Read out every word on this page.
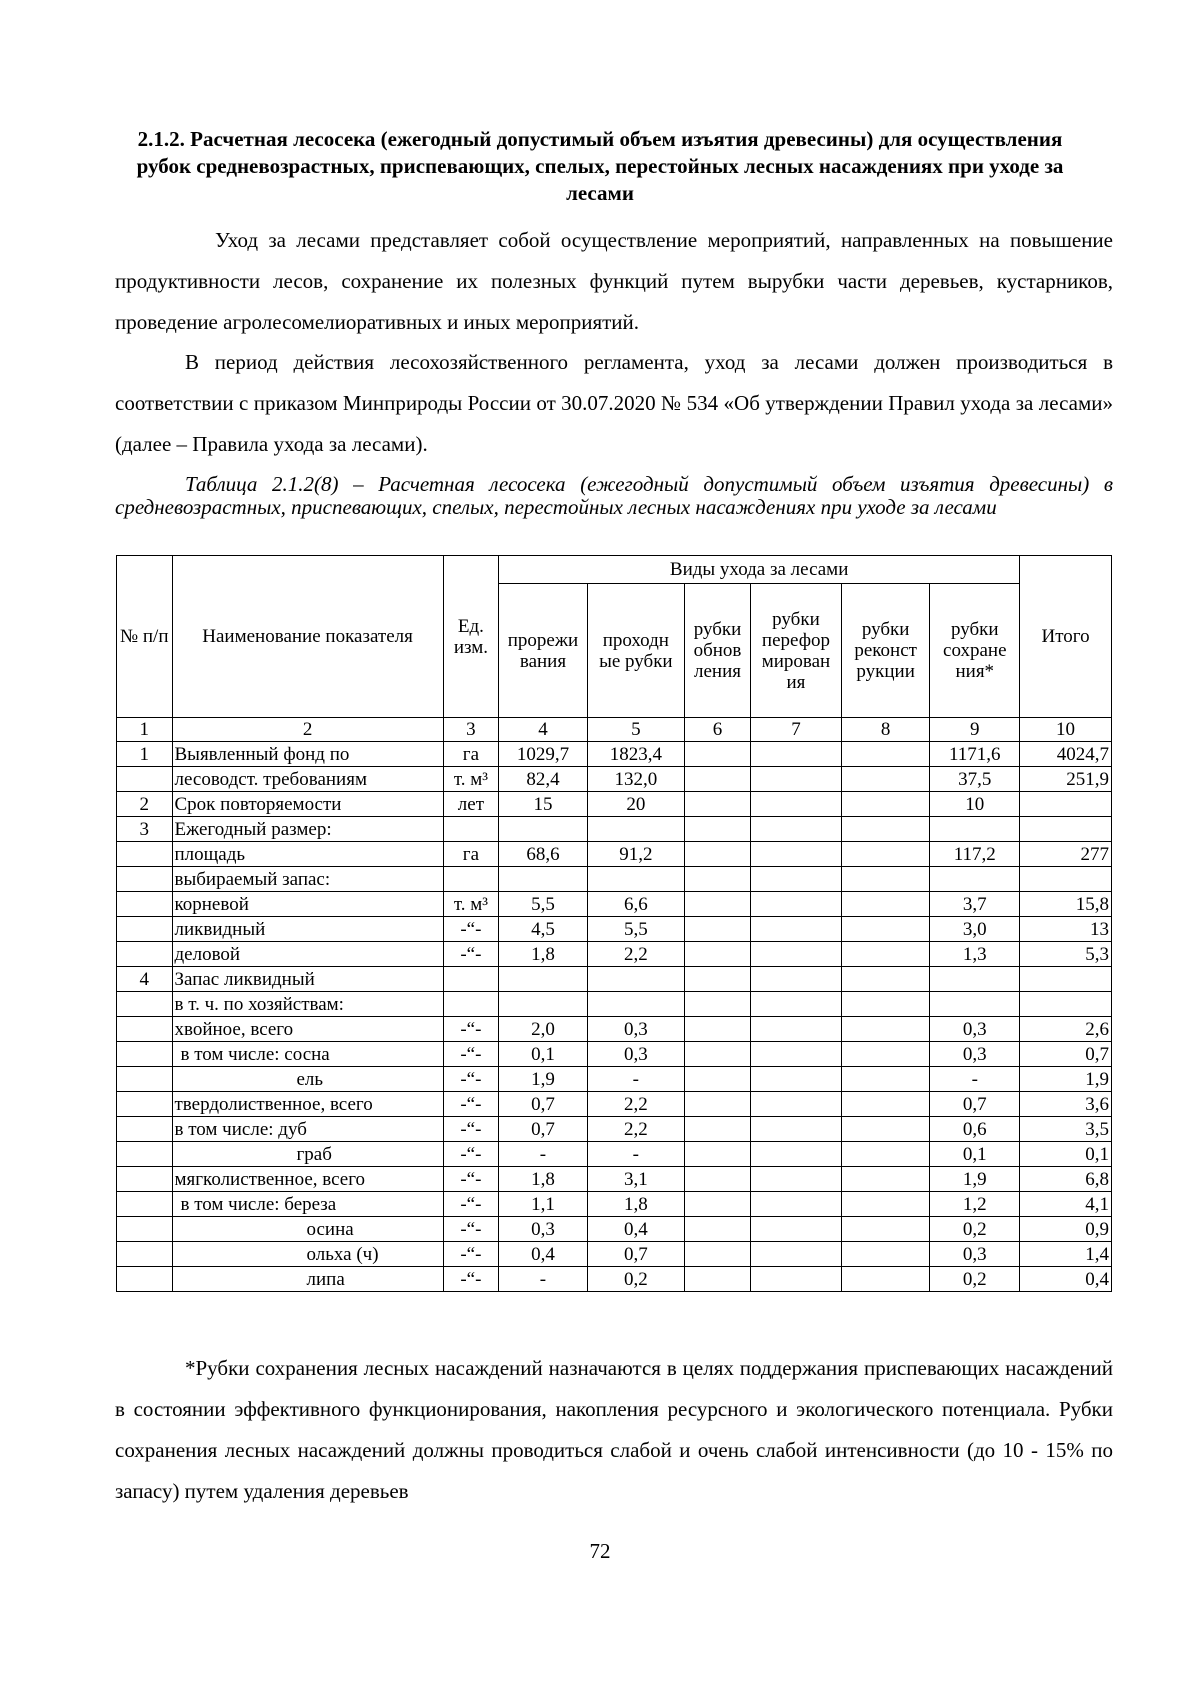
2.1.2. Расчетная лесосека (ежегодный допустимый объем изъятия древесины) для осуществления рубок средневозрастных, приспевающих, спелых, перестойных лесных насаждениях при уходе за лесами
Уход за лесами представляет собой осуществление мероприятий, направленных на повышение продуктивности лесов, сохранение их полезных функций путем вырубки части деревьев, кустарников, проведение агролесомелиоративных и иных мероприятий.
В период действия лесохозяйственного регламента, уход за лесами должен производиться в соответствии с приказом Минприроды России от 30.07.2020 № 534 «Об утверждении Правил ухода за лесами» (далее – Правила ухода за лесами).
Таблица 2.1.2(8) – Расчетная лесосека (ежегодный допустимый объем изъятия древесины) в средневозрастных, приспевающих, спелых, перестойных лесных насаждениях при уходе за лесами
№ п/п	Наименование показателя	Ед. изм.	Виды ухода за лесами						Итого
			прорежи вания	проходн ые рубки	рубки обнов ления	рубки перефор мирован ия	рубки реконст рукции	рубки сохране ния*	
1	2	3	4	5	6	7	8	9	10
1	Выявленный фонд по	га	1029,7	1823,4				1171,6	4024,7
	лесоводст. требованиям	т. м³	82,4	132,0				37,5	251,9
2	Срок повторяемости	лет	15	20				10	
3	Ежегодный размер:								
	площадь	га	68,6	91,2				117,2	277
	выбираемый запас:								
	корневой	т. м³	5,5	6,6				3,7	15,8
	ликвидный	-“-	4,5	5,5				3,0	13
	деловой	-“-	1,8	2,2				1,3	5,3
4	Запас ликвидный								
	в т. ч. по хозяйствам:								
	хвойное, всего	-“-	2,0	0,3				0,3	2,6
	в том числе: сосна	-“-	0,1	0,3				0,3	0,7
	ель	-“-	1,9	-				-	1,9
	твердолиственное, всего	-“-	0,7	2,2				0,7	3,6
	в том числе: дуб	-“-	0,7	2,2				0,6	3,5
	граб	-“-	-	-				0,1	0,1
	мягколиственное, всего	-“-	1,8	3,1				1,9	6,8
	в том числе: береза	-“-	1,1	1,8				1,2	4,1
	осина	-“-	0,3	0,4				0,2	0,9
	ольха (ч)	-“-	0,4	0,7				0,3	1,4
	липа	-“-	-	0,2				0,2	0,4
*Рубки сохранения лесных насаждений назначаются в целях поддержания приспевающих насаждений в состоянии эффективного функционирования, накопления ресурсного и экологического потенциала. Рубки сохранения лесных насаждений должны проводиться слабой и очень слабой интенсивности (до 10 - 15% по запасу) путем удаления деревьев
72
